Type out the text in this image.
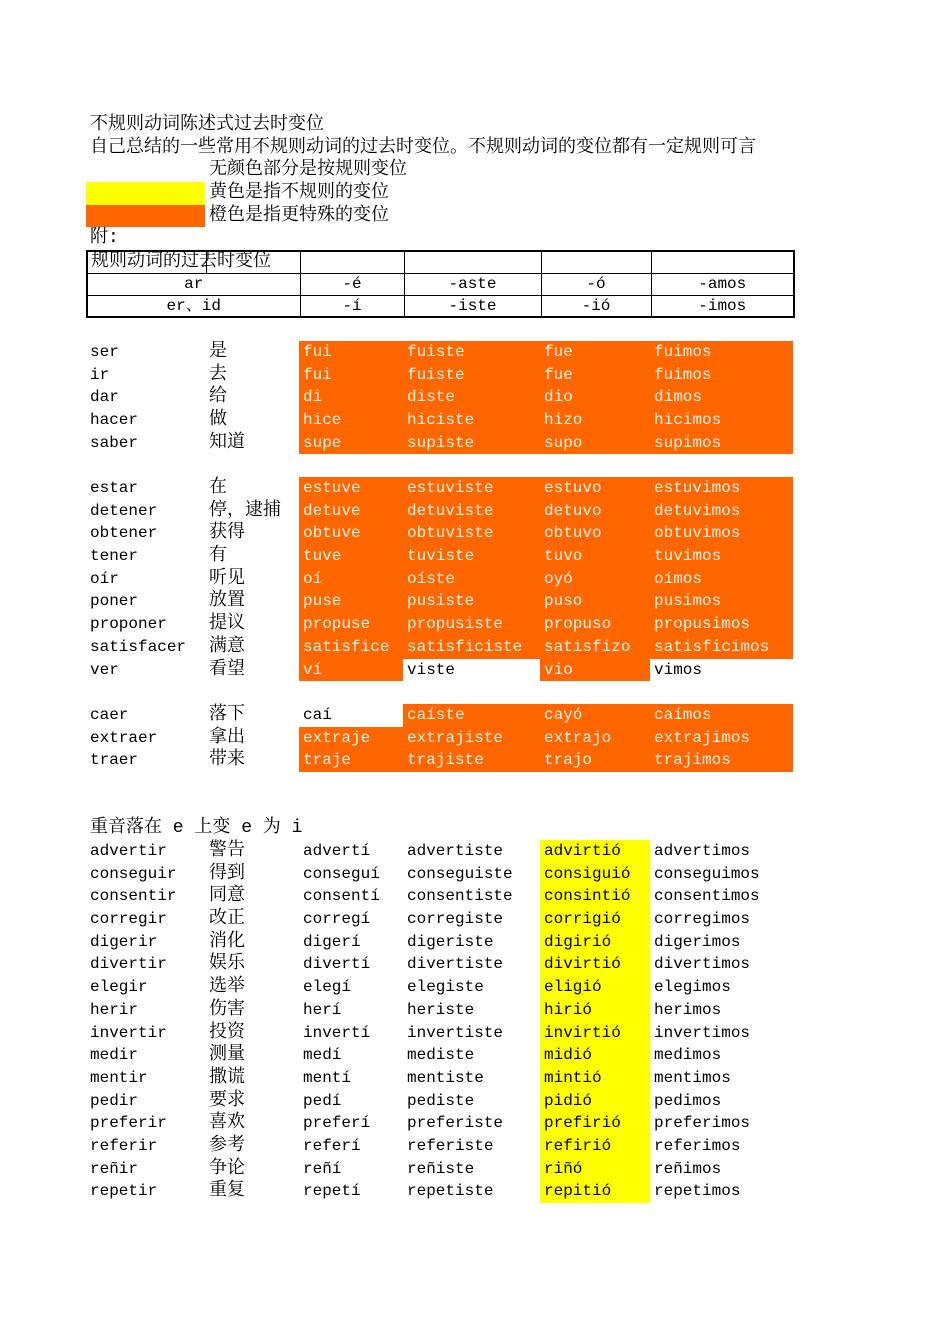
不规则动词陈述式过去时变位
自己总结的一些常用不规则动词的过去时变位。不规则动词的变位都有一定规则可言
无颜色部分是按规则变位
黄色是指不规则的变位
橙色是指更特殊的变位
附:
规则动词的过去时变位					
ar		-é	-aste	-ó	-amos
er、id		-í	-iste	-ió	-imos
ser	是	fui	fuiste	fue	fuimos
ir	去	fui	fuiste	fue	fuimos
dar	给	di	diste	dio	dimos
hacer	做	hice	hiciste	hizo	hicimos
saber	知道	supe	supiste	supo	supimos
estar	在	estuve	estuviste	estuvo	estuvimos
detener	停，逮捕	detuve	detuviste	detuvo	detuvimos
obtener	获得	obtuve	obtuviste	obtuvo	obtuvimos
tener	有	tuve	tuviste	tuvo	tuvimos
oír	听见	oí	oíste	oyó	oímos
poner	放置	puse	pusiste	puso	pusimos
proponer	提议	propuse	propusiste	propuso	propusimos
satisfacer	满意	satisfice	satisficiste	satisfizo	satisficimos
ver	看望	ví	viste	vio	vimos
caer	落下	caí	caíste	cayó	caímos
extraer	拿出	extraje	extrajiste	extrajo	extrajimos
traer	带来	traje	trajiste	trajo	trajimos
重音落在 e 上变 e 为 i
advertir	警告	advertí	advertiste	advirtió	advertimos
conseguir	得到	conseguí	conseguiste	consiguió	conseguimos
consentir	同意	consentí	consentiste	consintió	consentimos
corregir	改正	corregí	corregiste	corrigió	corregimos
digerir	消化	digerí	digeriste	digirió	digerimos
divertir	娱乐	divertí	divertiste	divirtió	divertimos
elegir	选举	elegí	elegiste	eligió	elegimos
herir	伤害	herí	heriste	hirió	herimos
invertir	投资	invertí	invertiste	invirtió	invertimos
medir	测量	medí	mediste	midió	medimos
mentir	撒谎	mentí	mentiste	mintió	mentimos
pedir	要求	pedí	pediste	pidió	pedimos
preferir	喜欢	preferí	preferiste	prefirió	preferimos
referir	参考	referí	referiste	refirió	referimos
reñir	争论	reñí	reñiste	riñó	reñimos
repetir	重复	repetí	repetiste	repitió	repetimos
